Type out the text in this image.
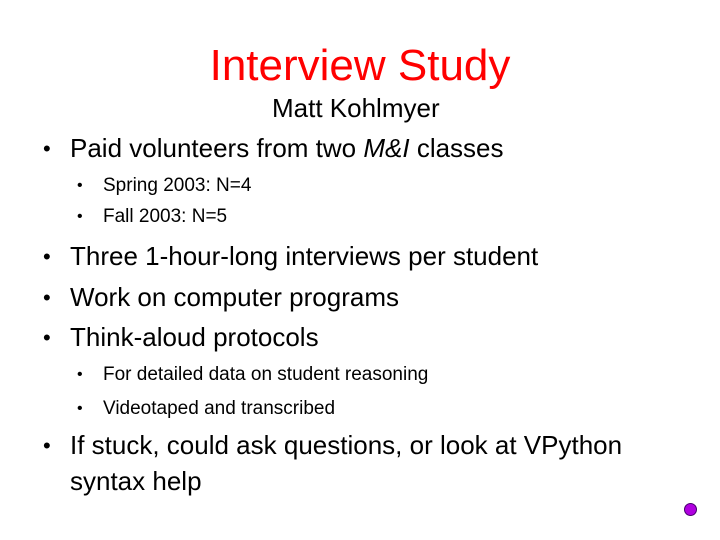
Interview Study
Matt Kohlmyer
• Paid volunteers from two M&I classes
• Spring 2003: N=4
• Fall 2003: N=5
• Three 1-hour-long interviews per student
• Work on computer programs
• Think-aloud protocols
• For detailed data on student reasoning
• Videotaped and transcribed
• If stuck, could ask questions, or look at VPython
syntax help
